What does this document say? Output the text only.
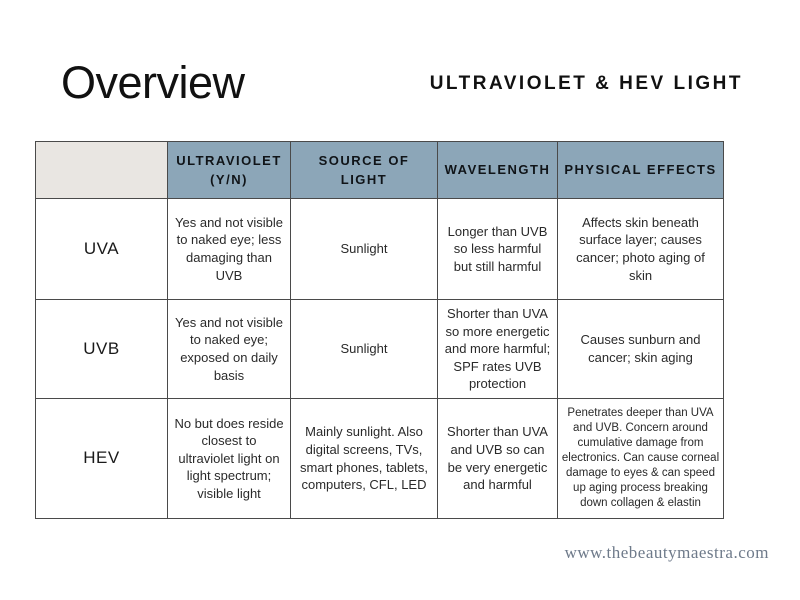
Overview	ULTRAVIOLET & HEV LIGHT
	ULTRAVIOLET (Y/N)	SOURCE OF LIGHT	WAVELENGTH	PHYSICAL EFFECTS
UVA	Yes and not visible to naked eye; less damaging than UVB	Sunlight	Longer than UVB so less harmful but still harmful	Affects skin beneath surface layer; causes cancer; photo aging of skin
UVB	Yes and not visible to naked eye; exposed on daily basis	Sunlight	Shorter than UVA so more energetic and more harmful; SPF rates UVB protection	Causes sunburn and cancer; skin aging
HEV	No but does reside closest to ultraviolet light on light spectrum; visible light	Mainly sunlight. Also digital screens, TVs, smart phones, tablets, computers, CFL, LED	Shorter than UVA and UVB so can be very energetic and harmful	Penetrates deeper than UVA and UVB. Concern around cumulative damage from electronics. Can cause corneal damage to eyes & can speed up aging process breaking down collagen & elastin
www.thebeautymaestra.com
